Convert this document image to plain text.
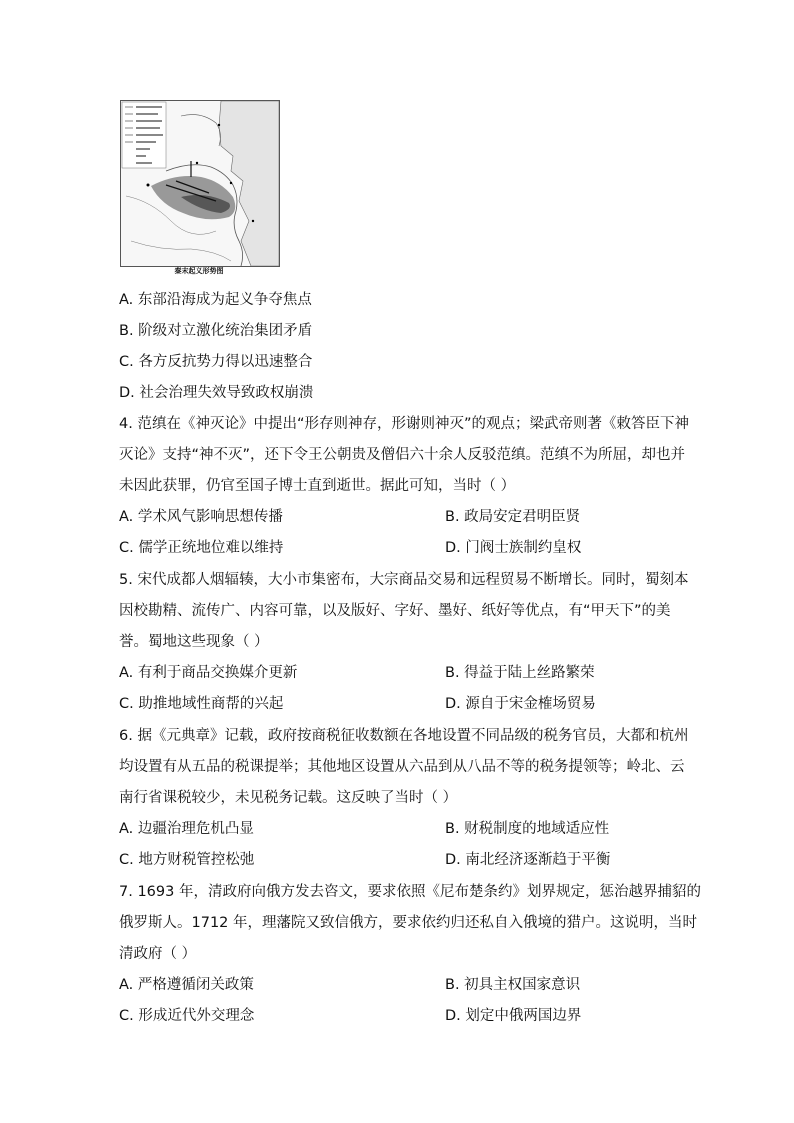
秦末起义形势图
A. 东部沿海成为起义争夺焦点
B. 阶级对立激化统治集团矛盾
C. 各方反抗势力得以迅速整合
D. 社会治理失效导致政权崩溃
4. 范缜在《神灭论》中提出“形存则神存，形谢则神灭”的观点；梁武帝则著《敕答臣下神
灭论》支持“神不灭”，还下令王公朝贵及僧侣六十余人反驳范缜。范缜不为所屈，却也并
未因此获罪，仍官至国子博士直到逝世。据此可知，当时（ ）
A. 学术风气影响思想传播	B. 政局安定君明臣贤
C. 儒学正统地位难以维持	D. 门阀士族制约皇权
5. 宋代成都人烟辐辏，大小市集密布，大宗商品交易和远程贸易不断增长。同时，蜀刻本
因校勘精、流传广、内容可靠，以及版好、字好、墨好、纸好等优点，有“甲天下”的美
誉。蜀地这些现象（ ）
A. 有利于商品交换媒介更新	B. 得益于陆上丝路繁荣
C. 助推地域性商帮的兴起	D. 源自于宋金榷场贸易
6. 据《元典章》记载，政府按商税征收数额在各地设置不同品级的税务官员，大都和杭州
均设置有从五品的税课提举；其他地区设置从六品到从八品不等的税务提领等；岭北、云
南行省课税较少，未见税务记载。这反映了当时（ ）
A. 边疆治理危机凸显	B. 财税制度的地域适应性
C. 地方财税管控松弛	D. 南北经济逐渐趋于平衡
7. 1693 年，清政府向俄方发去咨文，要求依照《尼布楚条约》划界规定，惩治越界捕貂的
俄罗斯人。1712 年，理藩院又致信俄方，要求依约归还私自入俄境的猎户。这说明，当时
清政府（ ）
A. 严格遵循闭关政策	B. 初具主权国家意识
C. 形成近代外交理念	D. 划定中俄两国边界
